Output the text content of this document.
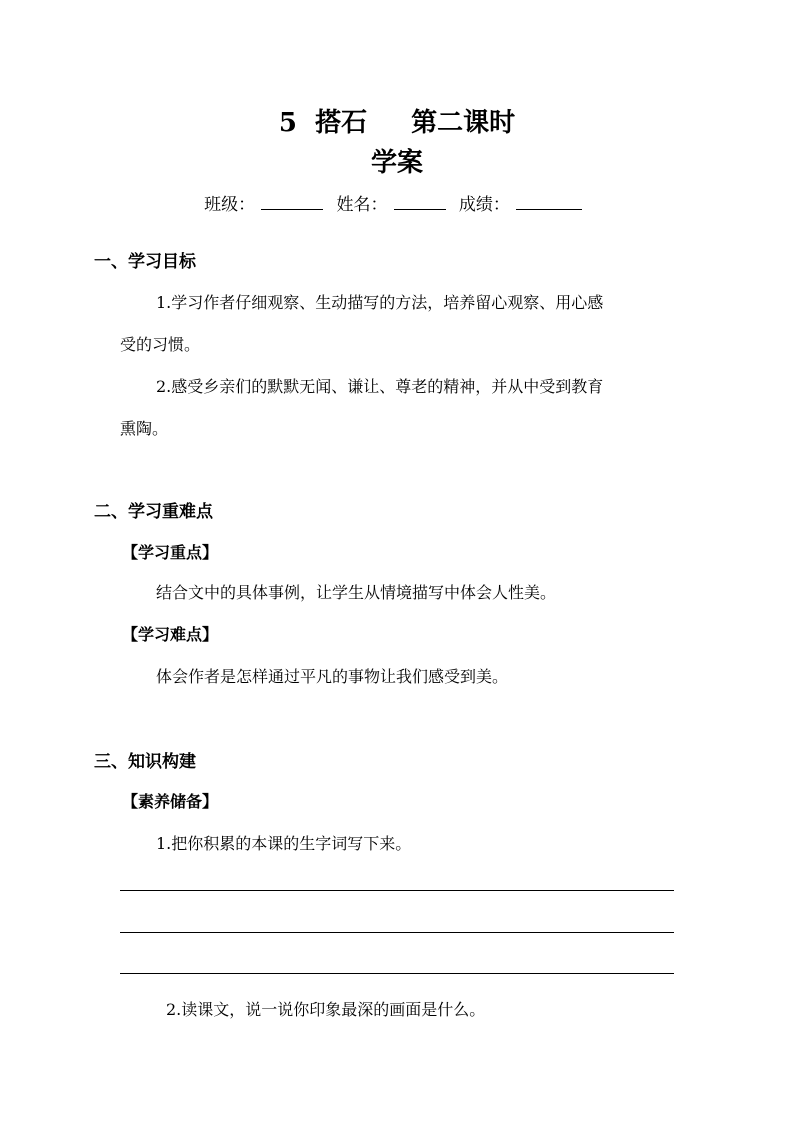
5 搭石 第二课时
学案
班级：	姓名：	成绩：
一、学习目标
1.学习作者仔细观察、生动描写的方法，培养留心观察、用心感
受的习惯。
2.感受乡亲们的默默无闻、谦让、尊老的精神，并从中受到教育
熏陶。
二、学习重难点
【学习重点】
结合文中的具体事例，让学生从情境描写中体会人性美。
【学习难点】
体会作者是怎样通过平凡的事物让我们感受到美。
三、知识构建
【素养储备】
1.把你积累的本课的生字词写下来。
2.读课文，说一说你印象最深的画面是什么。
